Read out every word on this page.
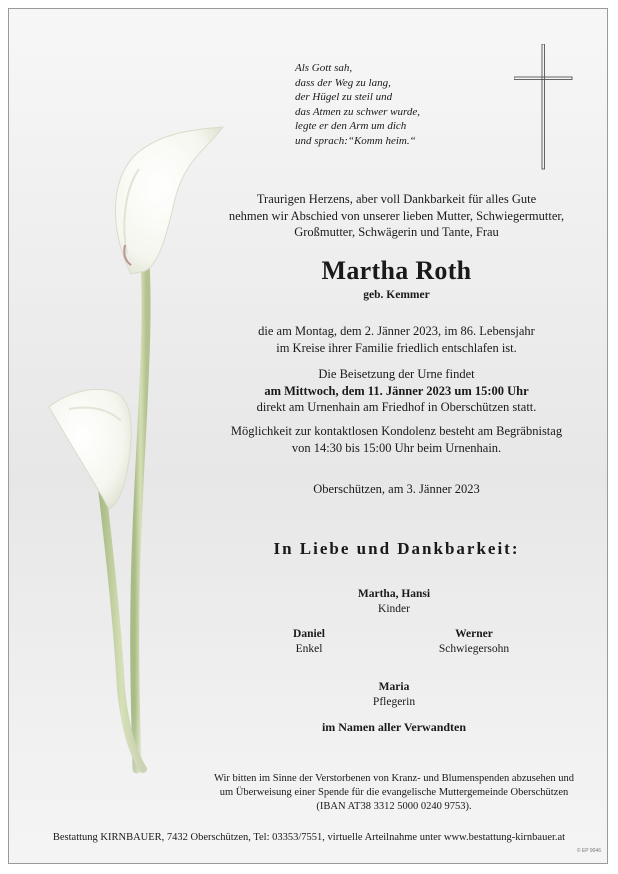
Als Gott sah,
dass der Weg zu lang,
der Hügel zu steil und
das Atmen zu schwer wurde,
legte er den Arm um dich
und sprach:“Komm heim.“
Traurigen Herzens, aber voll Dankbarkeit für alles Gute
nehmen wir Abschied von unserer lieben Mutter, Schwiegermutter,
Großmutter, Schwägerin und Tante, Frau
Martha Roth
geb. Kemmer
die am Montag, dem 2. Jänner 2023, im 86. Lebensjahr
im Kreise ihrer Familie friedlich entschlafen ist.
Die Beisetzung der Urne findet
am Mittwoch, dem 11. Jänner 2023 um 15:00 Uhr
direkt am Urnenhain am Friedhof in Oberschützen statt.
Möglichkeit zur kontaktlosen Kondolenz besteht am Begräbnistag
von 14:30 bis 15:00 Uhr beim Urnenhain.
Oberschützen, am 3. Jänner 2023
In Liebe und Dankbarkeit:
Martha, Hansi
Kinder
Daniel
Enkel
Werner
Schwiegersohn
Maria
Pflegerin
im Namen aller Verwandten
Wir bitten im Sinne der Verstorbenen von Kranz- und Blumenspenden abzusehen und
um Überweisung einer Spende für die evangelische Muttergemeinde Oberschützen
(IBAN AT38 3312 5000 0240 9753).
Bestattung KIRNBAUER, 7432 Oberschützen, Tel: 03353/7551, virtuelle Arteilnahme unter www.bestattung-kirnbauer.at
© EP 9046
